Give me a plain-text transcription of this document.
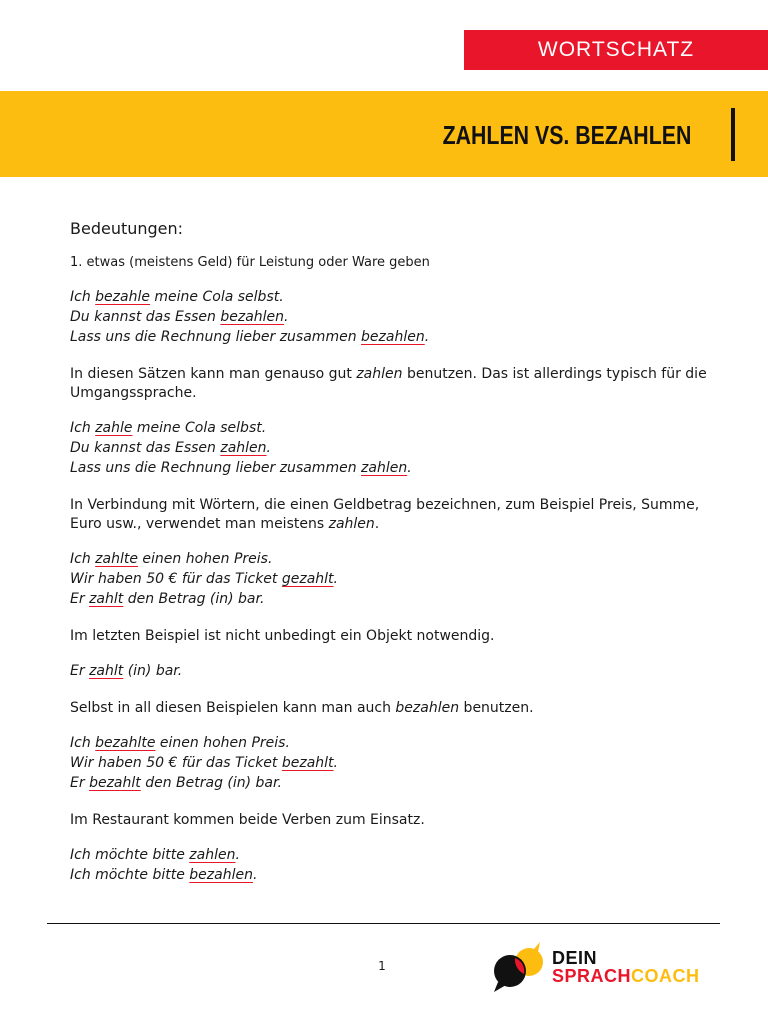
WORTSCHATZ
ZAHLEN VS. BEZAHLEN
Bedeutungen:
1. etwas (meistens Geld) für Leistung oder Ware geben
Ich bezahle meine Cola selbst.
Du kannst das Essen bezahlen.
Lass uns die Rechnung lieber zusammen bezahlen.
In diesen Sätzen kann man genauso gut zahlen benutzen. Das ist allerdings typisch für die Umgangssprache.
Ich zahle meine Cola selbst.
Du kannst das Essen zahlen.
Lass uns die Rechnung lieber zusammen zahlen.
In Verbindung mit Wörtern, die einen Geldbetrag bezeichnen, zum Beispiel Preis, Summe, Euro usw., verwendet man meistens zahlen.
Ich zahlte einen hohen Preis.
Wir haben 50 € für das Ticket gezahlt.
Er zahlt den Betrag (in) bar.
Im letzten Beispiel ist nicht unbedingt ein Objekt notwendig.
Er zahlt (in) bar.
Selbst in all diesen Beispielen kann man auch bezahlen benutzen.
Ich bezahlte einen hohen Preis.
Wir haben 50 € für das Ticket bezahlt.
Er bezahlt den Betrag (in) bar.
Im Restaurant kommen beide Verben zum Einsatz.
Ich möchte bitte zahlen.
Ich möchte bitte bezahlen.
1	DEIN
SPRACHCOACH
